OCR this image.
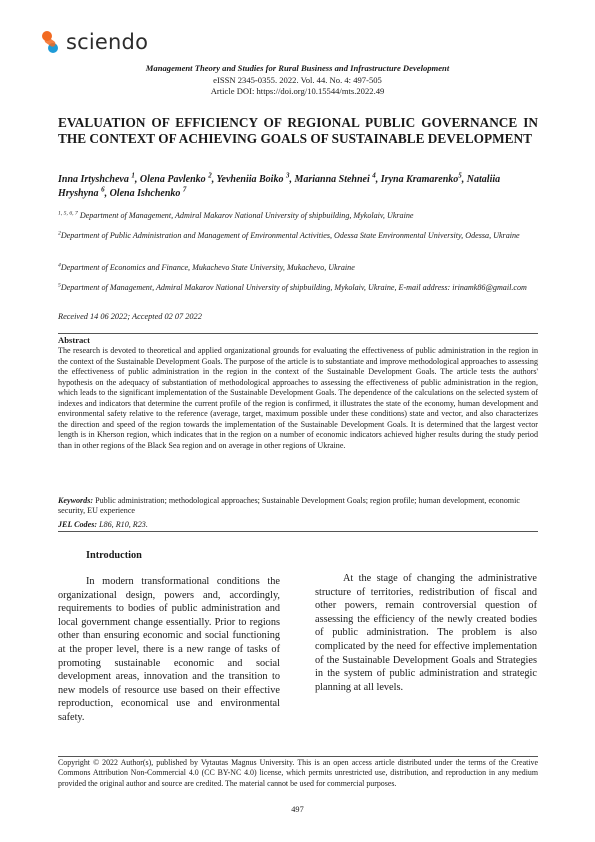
sciendo
Management Theory and Studies for Rural Business and Infrastructure Development
eISSN 2345-0355. 2022. Vol. 44. No. 4: 497-505
Article DOI: https://doi.org/10.15544/mts.2022.49
EVALUATION OF EFFICIENCY OF REGIONAL PUBLIC GOVERNANCE IN THE CONTEXT OF ACHIEVING GOALS OF SUSTAINABLE DEVELOPMENT

Inna Irtyshcheva $^1$, Olena Pavlenko $^2$, Yevheniia Boiko $^3$, Marianna Stehnei $^4$, Iryna Kramarenko$^5$, Nataliia Hryshyna $^6$, Olena Ishchenko $^7$

$^{1, 5, 6, 7}$ Department of Management, Admiral Makarov National University of shipbuilding, Mykolaiv, Ukraine

$^2$Department of Public Administration and Management of Environmental Activities, Odessa State Environmental University, Odessa, Ukraine

$^4$Department of Economics and Finance, Mukachevo State University, Mukachevo, Ukraine

$^5$Department of Management, Admiral Makarov National University of shipbuilding, Mykolaiv, Ukraine, E-mail address: irinamk86@gmail.com

Received 14 06 2022; Accepted 02 07 2022
Abstract

The research is devoted to theoretical and applied organizational grounds for evaluating the effectiveness of public administration in the region in the context of the Sustainable Development Goals. The purpose of the article is to substantiate and improve methodological approaches to assessing the effectiveness of public administration in the region in the context of the Sustainable Development Goals. The article tests the authors' hypothesis on the adequacy of substantiation of methodological approaches to assessing the effectiveness of public administration in the region, which leads to the significant implementation of the Sustainable Development Goals. The dependence of the calculations on the selected system of indexes and indicators that determine the current profile of the region is confirmed, it illustrates the state of the economy, human development and environmental safety relative to the reference (average, target, maximum possible under these conditions) state and vector, and also characterizes the direction and speed of the region towards the implementation of the Sustainable Development Goals. It is determined that the largest vector length is in Kherson region, which indicates that in the region on a number of economic indicators achieved higher results during the study period than in other regions of the Black Sea region and on average in other regions of Ukraine.

Keywords: Public administration; methodological approaches; Sustainable Development Goals; region profile; human development, economic security, EU experience

JEL Codes: L86, R10, R23.
Introduction

In modern transformational conditions the organizational design, powers and, accordingly, requirements to bodies of public administration and local government change essentially. Prior to regions other than ensuring economic and social functioning at the proper level, there is a new range of tasks of promoting sustainable economic and social development areas, innovation and the transition to new models of resource use based on their effective reproduction, economical use and environmental safety.

At the stage of changing the administrative structure of territories, redistribution of fiscal and other powers, remain controversial question of assessing the efficiency of the newly created bodies of public administration. The problem is also complicated by the need for effective implementation of the Sustainable Development Goals and Strategies in the system of public administration and strategic planning at all levels.

Copyright © 2022 Author(s), published by Vytautas Magnus University. This is an open access article distributed under the terms of the Creative Commons Attribution Non-Commercial 4.0 (CC BY-NC 4.0) license, which permits unrestricted use, distribution, and reproduction in any medium provided the original author and source are credited. The material cannot be used for commercial purposes.

497
